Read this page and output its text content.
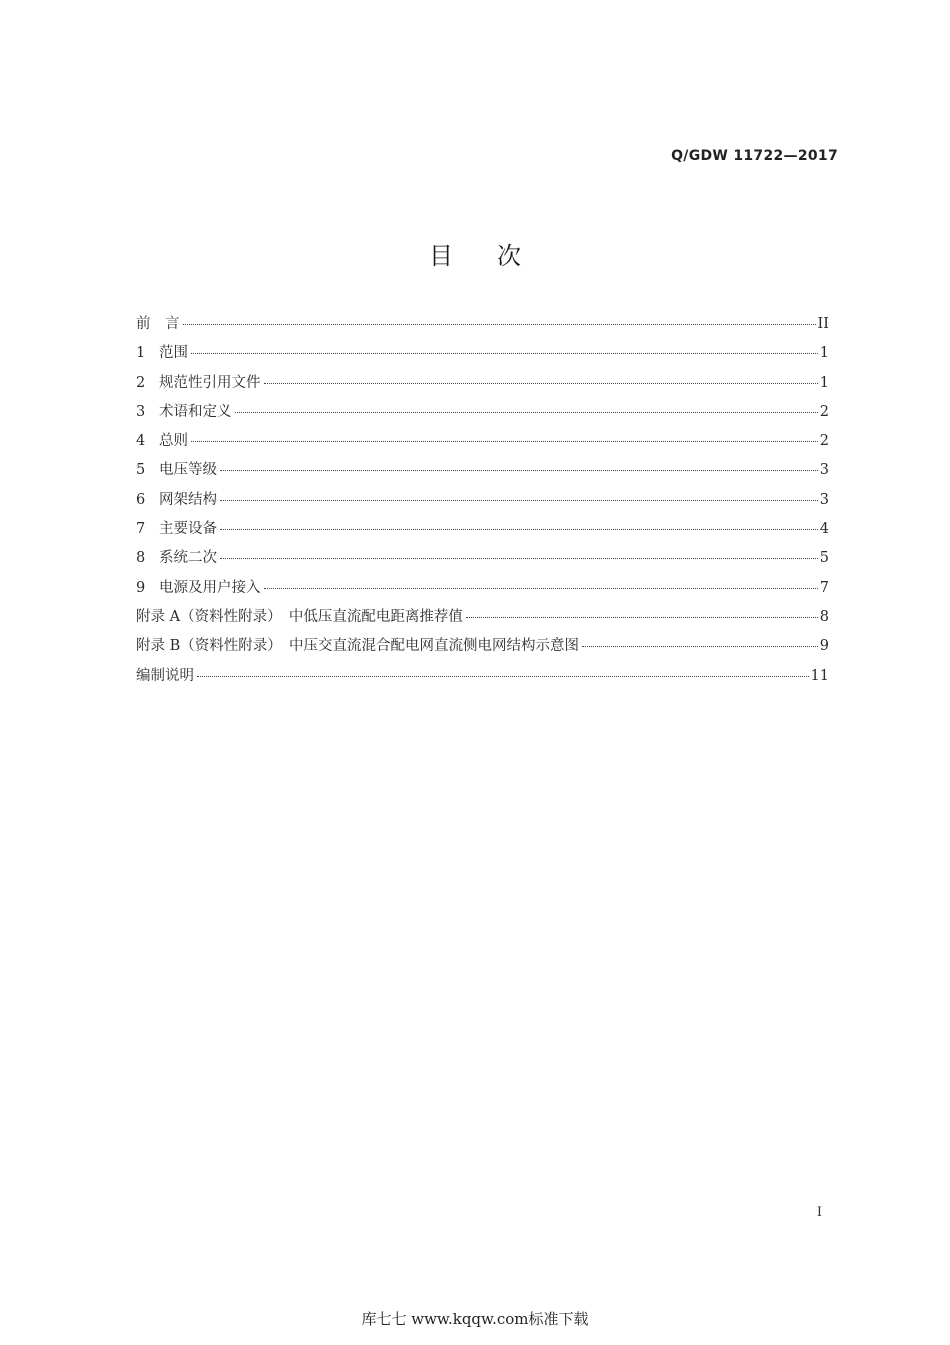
Q/GDW 11722—2017
目次
前　言	II
1 范围	1
2 规范性引用文件	1
3 术语和定义	2
4 总则	2
5 电压等级	3
6 网架结构	3
7 主要设备	4
8 系统二次	5
9 电源及用户接入	7
附录 A（资料性附录）　中低压直流配电距离推荐值	8
附录 B（资料性附录）　中压交直流混合配电网直流侧电网结构示意图	9
编制说明	11
I
库七七 www.kqqw.com标准下载
